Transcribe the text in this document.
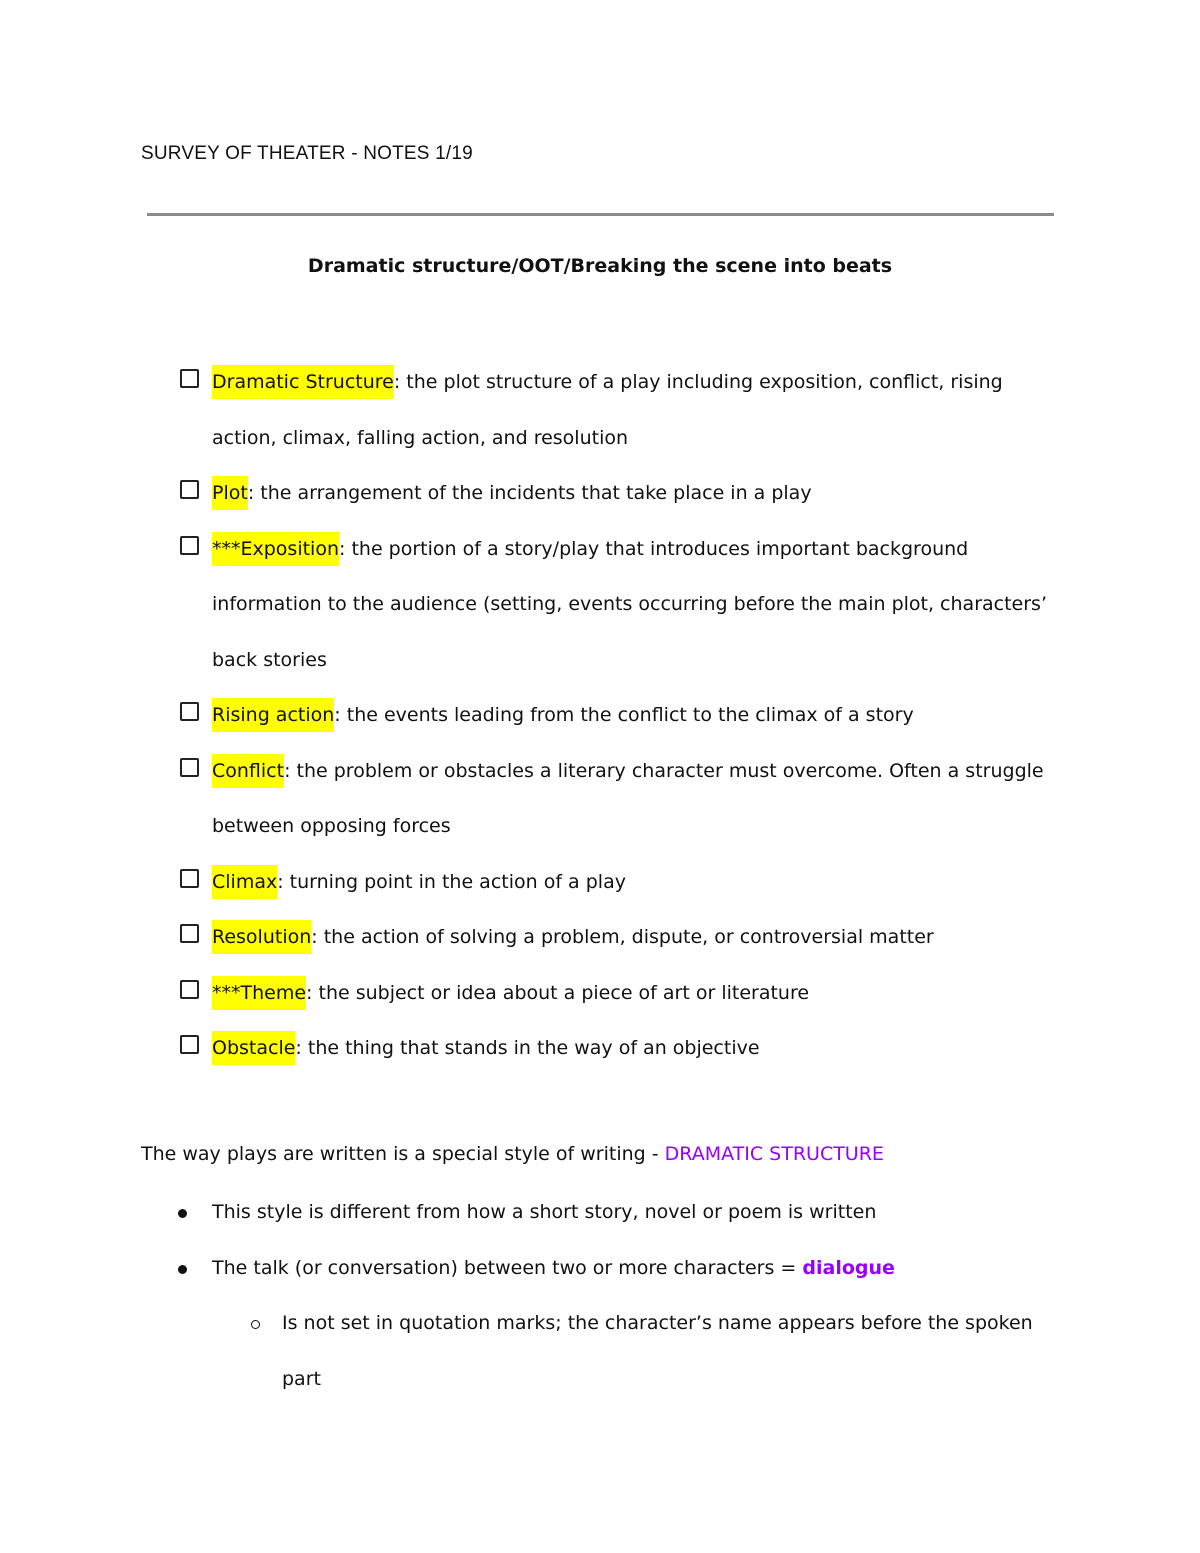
SURVEY OF THEATER - NOTES 1/19
Dramatic structure/OOT/Breaking the scene into beats
Dramatic Structure: the plot structure of a play including exposition, conflict, rising action, climax, falling action, and resolution
Plot: the arrangement of the incidents that take place in a play
***Exposition: the portion of a story/play that introduces important background information to the audience (setting, events occurring before the main plot, characters’ back stories
Rising action: the events leading from the conflict to the climax of a story
Conflict: the problem or obstacles a literary character must overcome. Often a struggle between opposing forces
Climax: turning point in the action of a play
Resolution: the action of solving a problem, dispute, or controversial matter
***Theme: the subject or idea about a piece of art or literature
Obstacle: the thing that stands in the way of an objective
The way plays are written is a special style of writing - DRAMATIC STRUCTURE
This style is different from how a short story, novel or poem is written
The talk (or conversation) between two or more characters = dialogue
Is not set in quotation marks; the character’s name appears before the spoken part
